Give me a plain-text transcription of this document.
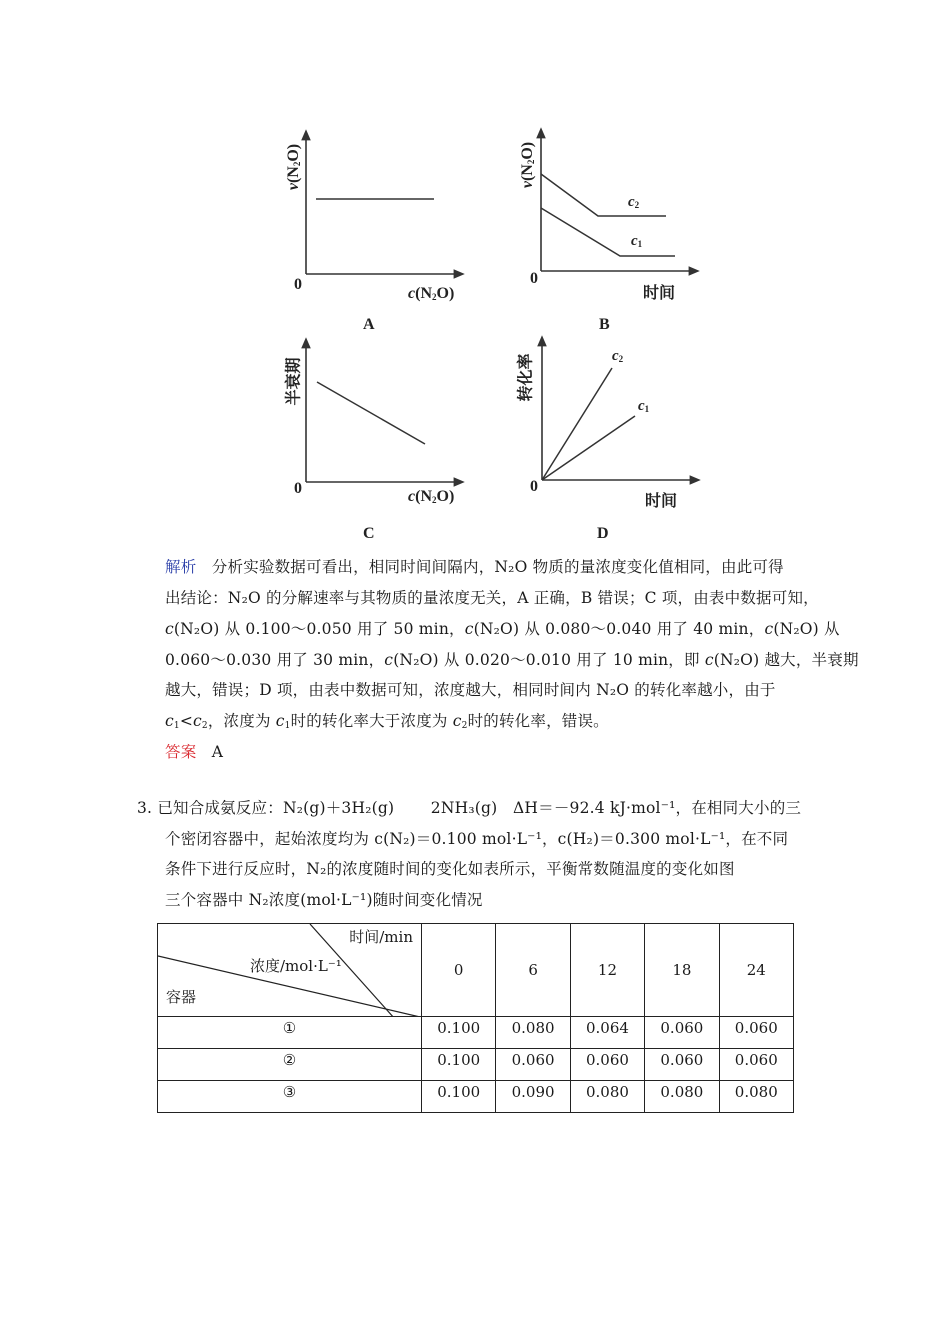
$v(N_2O)$
0
$c(N_2O)$
A
$v(N_2O)$
$c_2$
$c_1$
0
时间
B
半衰期
0	$c(N_2O)$
C
转化率	$c_2$
$c_1$
0
时间
D
解析 分析实验数据可看出，相同时间间隔内，N₂O 物质的量浓度变化值相同，由此可得
出结论：N₂O 的分解速率与其物质的量浓度无关，A 正确，B 错误；C 项，由表中数据可知，
c(N₂O) 从 0.100～0.050 用了 50 min，c(N₂O) 从 0.080～0.040 用了 40 min，c(N₂O) 从
0.060～0.030 用了 30 min，c(N₂O) 从 0.020～0.010 用了 10 min，即 c(N₂O) 越大，半衰期
越大，错误；D 项，由表中数据可知，浓度越大，相同时间内 N₂O 的转化率越小，由于
$c_1<c_2$，浓度为 $c_1$时的转化率大于浓度为 $c_2$时的转化率，错误。
答案 A
3. 已知合成氨反应：N₂(g)＋3H₂(g)　　 2NH₃(g)　ΔH＝－92.4 kJ·mol⁻¹，在相同大小的三
个密闭容器中，起始浓度均为 c(N₂)＝0.100 mol·L⁻¹，c(H₂)＝0.300 mol·L⁻¹，在不同
条件下进行反应时，N₂的浓度随时间的变化如表所示，平衡常数随温度的变化如图
三个容器中 N₂浓度(mol·L⁻¹)随时间变化情况
时间/min
浓度/mol·L⁻¹
容器	0	6	12	18	24
①	0.100	0.080	0.064	0.060	0.060
②	0.100	0.060	0.060	0.060	0.060
③	0.100	0.090	0.080	0.080	0.080
